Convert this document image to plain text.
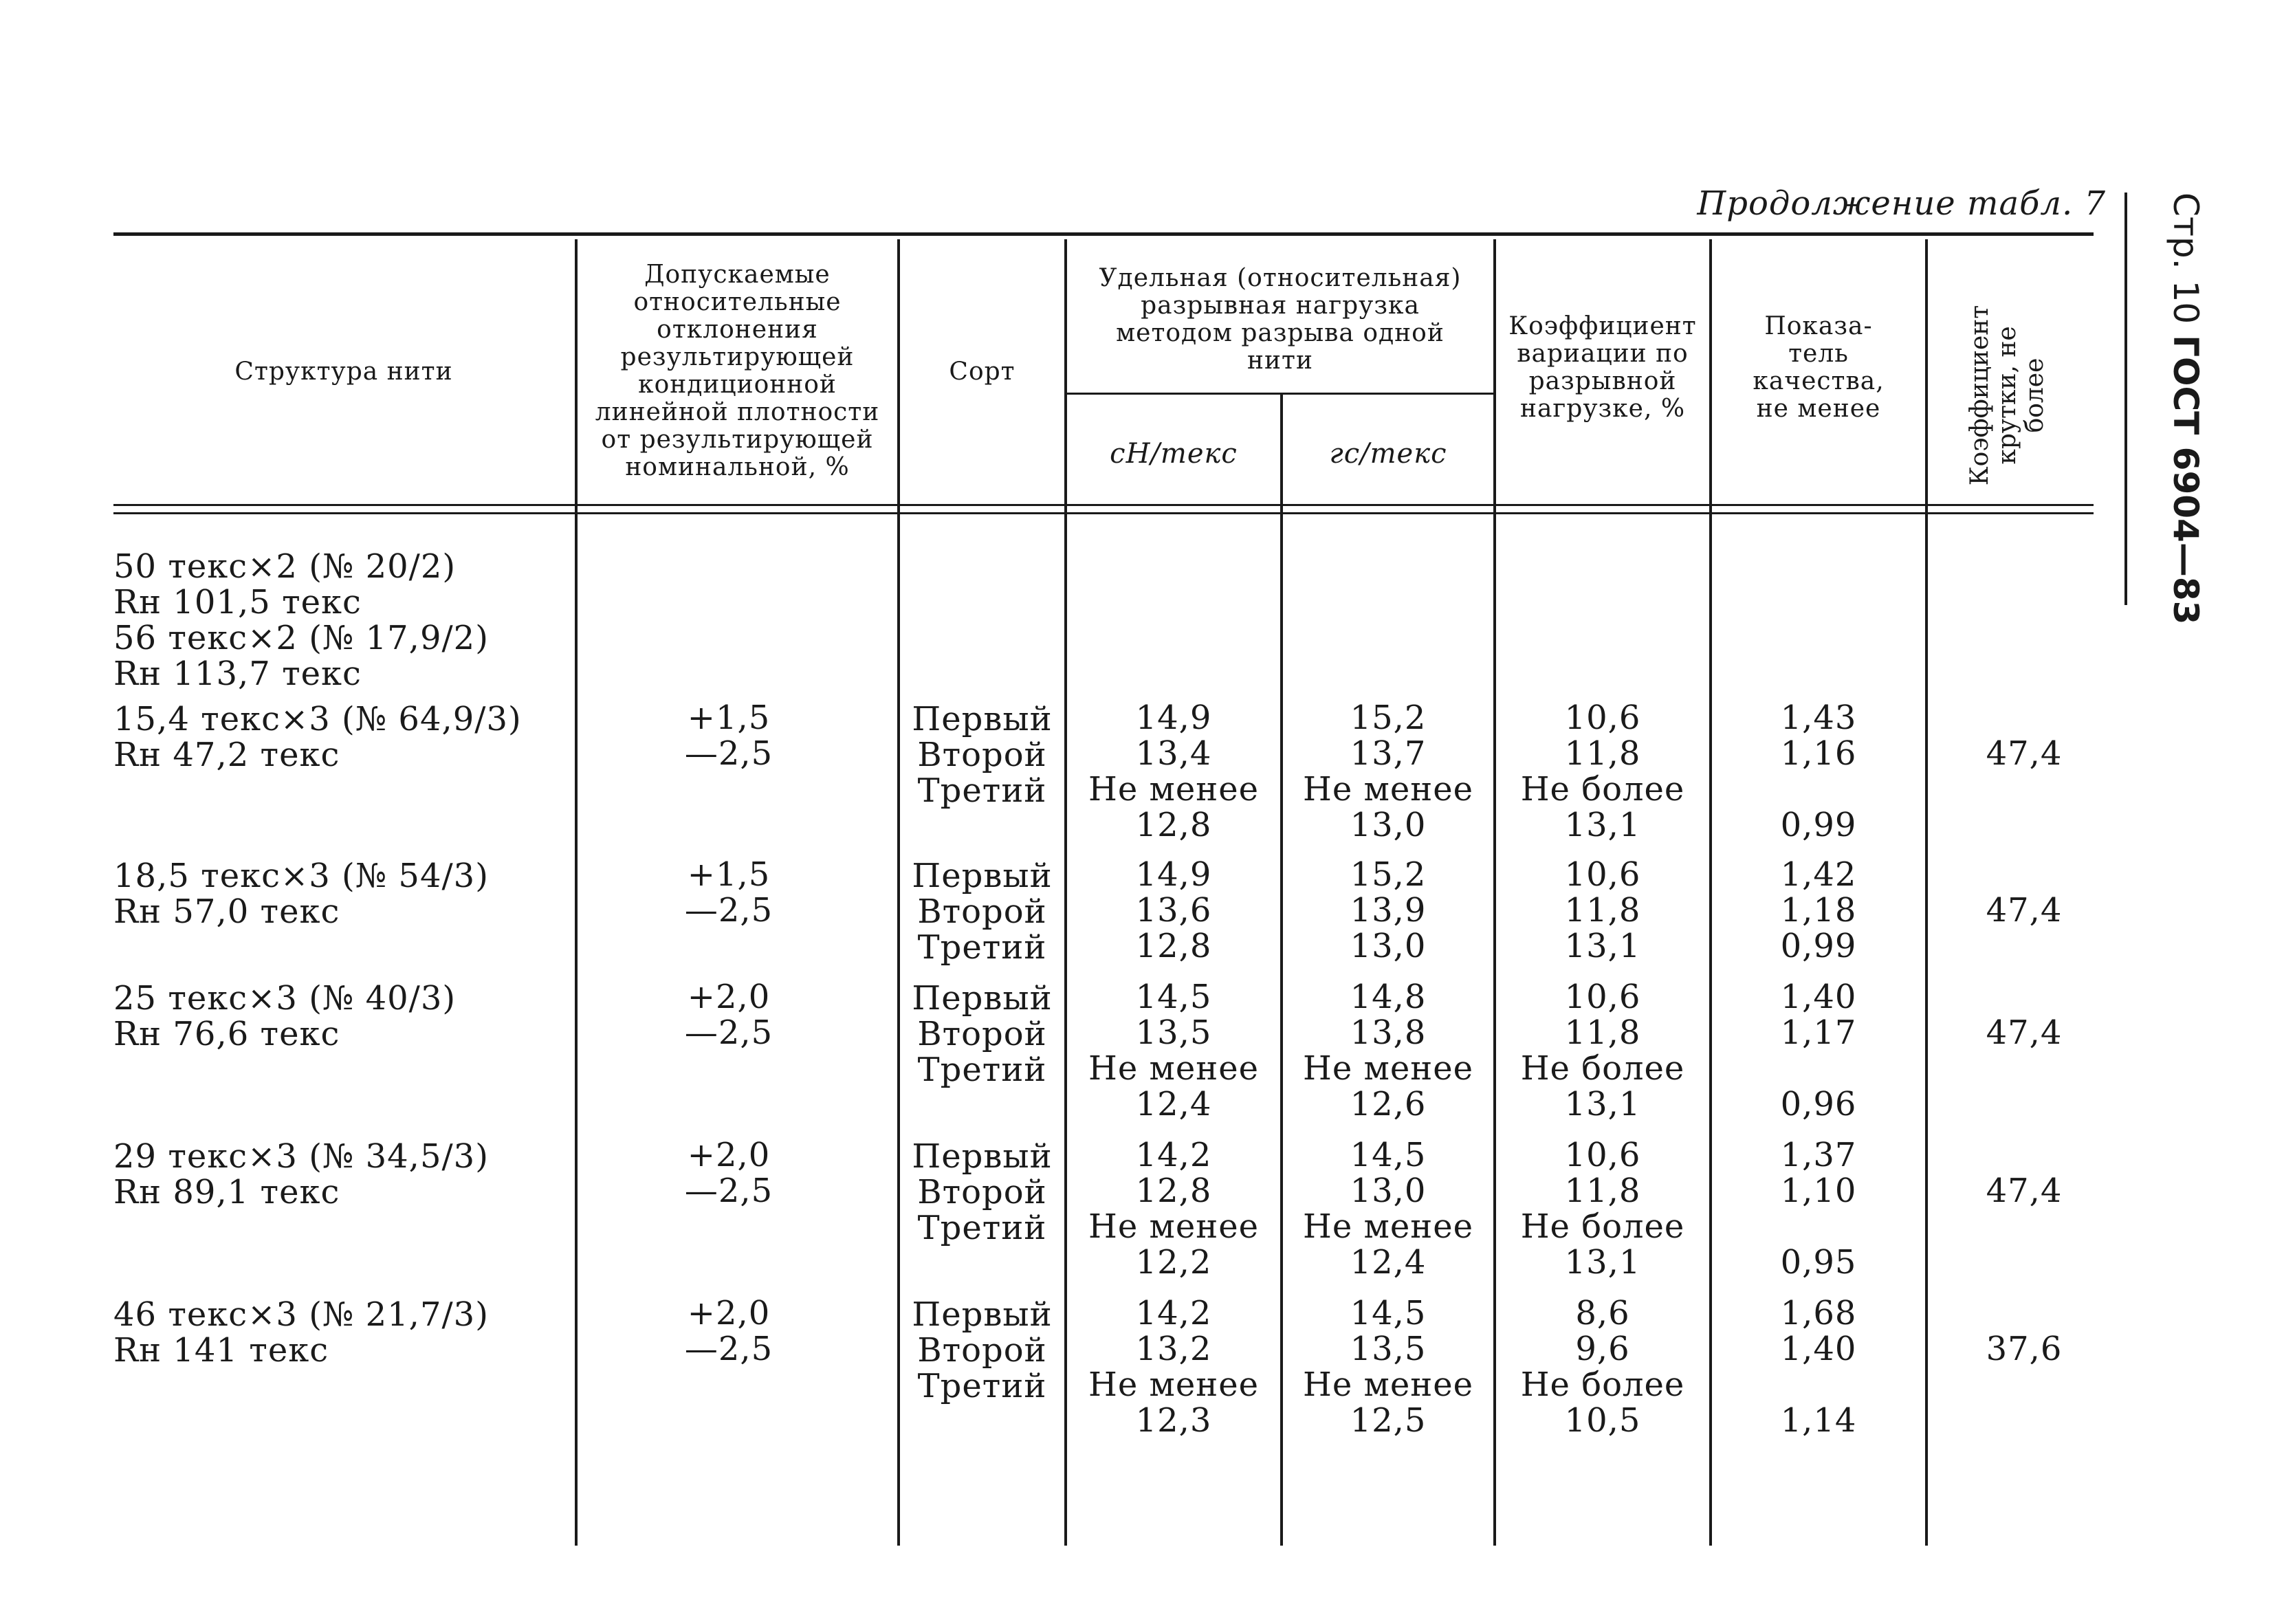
Продолжение табл. 7 Стр. 10 ГОСТ 6904—83
Структура нити
Допускаемые
относительные
отклонения
результирующей
кондиционной
линейной плотности
от результирующей
номинальной, %
Сорт
Удельная (относительная)
разрывная нагрузка
методом разрыва одной
нити
сН/текс	гс/текс
Коэффициент
вариации по
разрывной
нагрузке, %
Показа-
тель
качества,
не менее	Коэффициент
крутки, не
более
50 текс×2 (№ 20/2)
Rн 101,5 текс
56 текс×2 (№ 17,9/2)
Rн 113,7 текс
15,4 текс×3 (№ 64,9/3)
Rн 47,2 текс
+1,5
—2,5
Первый
Второй
Третий
14,9
13,4
Не менее
12,8
15,2
13,7
Не менее
13,0
10,6
11,8
Не более
13,1
1,43
1,16

0,99
47,4
18,5 текс×3 (№ 54/3)
Rн 57,0 текс
+1,5
—2,5
Первый
Второй
Третий
14,9
13,6
12,8
15,2
13,9
13,0
10,6
11,8
13,1
1,42
1,18
0,99
47,4
25 текс×3 (№ 40/3)
Rн 76,6 текс
+2,0
—2,5
Первый
Второй
Третий
14,5
13,5
Не менее
12,4
14,8
13,8
Не менее
12,6
10,6
11,8
Не более
13,1
1,40
1,17

0,96
47,4
29 текс×3 (№ 34,5/3)
Rн 89,1 текс
+2,0
—2,5
Первый
Второй
Третий
14,2
12,8
Не менее
12,2
14,5
13,0
Не менее
12,4
10,6
11,8
Не более
13,1
1,37
1,10

0,95
47,4
46 текс×3 (№ 21,7/3)
Rн 141 текс
+2,0
—2,5
Первый
Второй
Третий
14,2
13,2
Не менее
12,3
14,5
13,5
Не менее
12,5
8,6
9,6
Не более
10,5
1,68
1,40

1,14
37,6
